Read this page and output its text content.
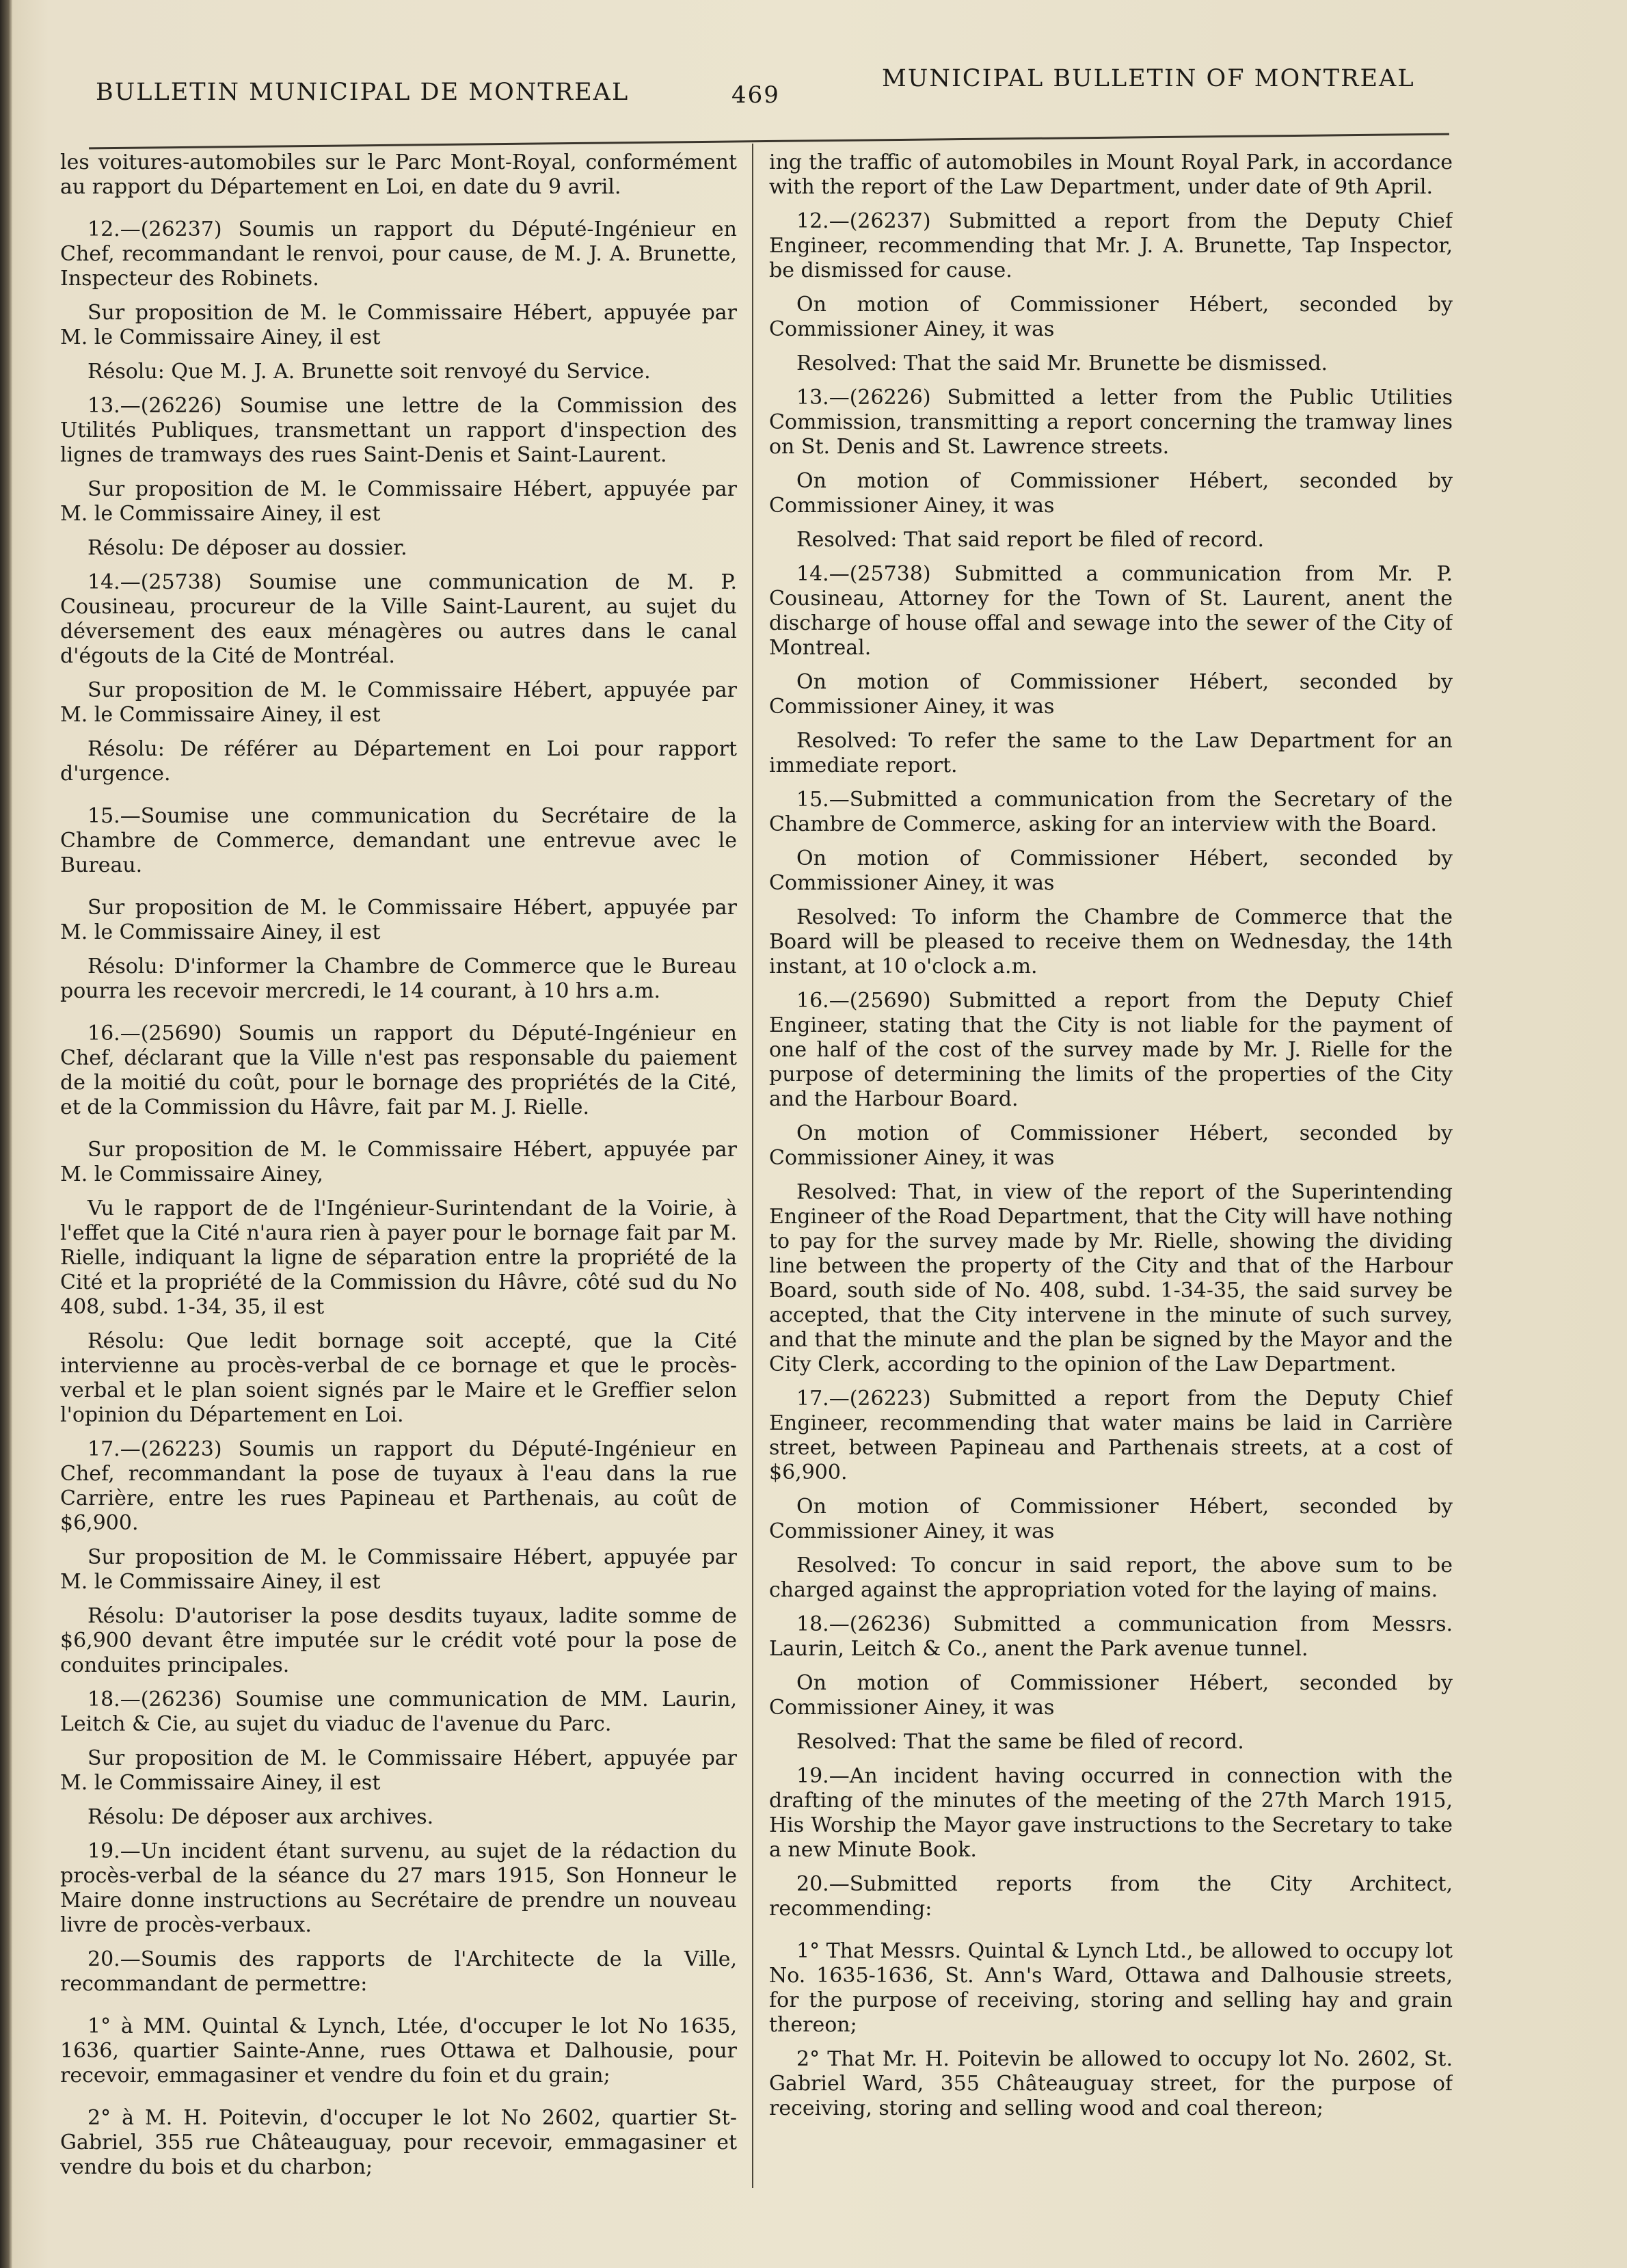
BULLETIN MUNICIPAL DE MONTREAL	469
MUNICIPAL BULLETIN OF MONTREAL

les voitures-automobiles sur le Parc Mont-Royal, conformément au rapport du Département en Loi, en date du 9 avril.

12.—(26237) Soumis un rapport du Député-Ingénieur en Chef, recommandant le renvoi, pour cause, de M. J. A. Brunette, Inspecteur des Robinets.

Sur proposition de M. le Commissaire Hébert, appuyée par M. le Commissaire Ainey, il est

Résolu: Que M. J. A. Brunette soit renvoyé du Service.

13.—(26226) Soumise une lettre de la Commission des Utilités Publiques, transmettant un rapport d'inspection des lignes de tramways des rues Saint-Denis et Saint-Laurent.

Sur proposition de M. le Commissaire Hébert, appuyée par M. le Commissaire Ainey, il est

Résolu: De déposer au dossier.

14.—(25738) Soumise une communication de M. P. Cousineau, procureur de la Ville Saint-Laurent, au sujet du déversement des eaux ménagères ou autres dans le canal d'égouts de la Cité de Montréal.

Sur proposition de M. le Commissaire Hébert, appuyée par M. le Commissaire Ainey, il est

Résolu: De référer au Département en Loi pour rapport d'urgence.

15.—Soumise une communication du Secrétaire de la Chambre de Commerce, demandant une entrevue avec le Bureau.

Sur proposition de M. le Commissaire Hébert, appuyée par M. le Commissaire Ainey, il est

Résolu: D'informer la Chambre de Commerce que le Bureau pourra les recevoir mercredi, le 14 courant, à 10 hrs a.m.

16.—(25690) Soumis un rapport du Député-Ingénieur en Chef, déclarant que la Ville n'est pas responsable du paiement de la moitié du coût, pour le bornage des propriétés de la Cité, et de la Commission du Hâvre, fait par M. J. Rielle.

Sur proposition de M. le Commissaire Hébert, appuyée par M. le Commissaire Ainey,

Vu le rapport de de l'Ingénieur-Surintendant de la Voirie, à l'effet que la Cité n'aura rien à payer pour le bornage fait par M. Rielle, indiquant la ligne de séparation entre la propriété de la Cité et la propriété de la Commission du Hâvre, côté sud du No 408, subd. 1-34, 35, il est

Résolu: Que ledit bornage soit accepté, que la Cité intervienne au procès-verbal de ce bornage et que le procès-verbal et le plan soient signés par le Maire et le Greffier selon l'opinion du Département en Loi.

17.—(26223) Soumis un rapport du Député-Ingénieur en Chef, recommandant la pose de tuyaux à l'eau dans la rue Carrière, entre les rues Papineau et Parthenais, au coût de $6,900.

Sur proposition de M. le Commissaire Hébert, appuyée par M. le Commissaire Ainey, il est

Résolu: D'autoriser la pose desdits tuyaux, ladite somme de $6,900 devant être imputée sur le crédit voté pour la pose de conduites principales.

18.—(26236) Soumise une communication de MM. Laurin, Leitch & Cie, au sujet du viaduc de l'avenue du Parc.

Sur proposition de M. le Commissaire Hébert, appuyée par M. le Commissaire Ainey, il est

Résolu: De déposer aux archives.

19.—Un incident étant survenu, au sujet de la rédaction du procès-verbal de la séance du 27 mars 1915, Son Honneur le Maire donne instructions au Secrétaire de prendre un nouveau livre de procès-verbaux.

20.—Soumis des rapports de l'Architecte de la Ville, recommandant de permettre:

1° à MM. Quintal & Lynch, Ltée, d'occuper le lot No 1635, 1636, quartier Sainte-Anne, rues Ottawa et Dalhousie, pour recevoir, emmagasiner et vendre du foin et du grain;

2° à M. H. Poitevin, d'occuper le lot No 2602, quartier St-Gabriel, 355 rue Châteauguay, pour recevoir, emmagasiner et vendre du bois et du charbon;

ing the traffic of automobiles in Mount Royal Park, in accordance with the report of the Law Department, under date of 9th April.

12.—(26237) Submitted a report from the Deputy Chief Engineer, recommending that Mr. J. A. Brunette, Tap Inspector, be dismissed for cause.

On motion of Commissioner Hébert, seconded by Commissioner Ainey, it was

Resolved: That the said Mr. Brunette be dismissed.

13.—(26226) Submitted a letter from the Public Utilities Commission, transmitting a report concerning the tramway lines on St. Denis and St. Lawrence streets.

On motion of Commissioner Hébert, seconded by Commissioner Ainey, it was

Resolved: That said report be filed of record.

14.—(25738) Submitted a communication from Mr. P. Cousineau, Attorney for the Town of St. Laurent, anent the discharge of house offal and sewage into the sewer of the City of Montreal.

On motion of Commissioner Hébert, seconded by Commissioner Ainey, it was

Resolved: To refer the same to the Law Department for an immediate report.

15.—Submitted a communication from the Secretary of the Chambre de Commerce, asking for an interview with the Board.

On motion of Commissioner Hébert, seconded by Commissioner Ainey, it was

Resolved: To inform the Chambre de Commerce that the Board will be pleased to receive them on Wednesday, the 14th instant, at 10 o'clock a.m.

16.—(25690) Submitted a report from the Deputy Chief Engineer, stating that the City is not liable for the payment of one half of the cost of the survey made by Mr. J. Rielle for the purpose of determining the limits of the properties of the City and the Harbour Board.

On motion of Commissioner Hébert, seconded by Commissioner Ainey, it was

Resolved: That, in view of the report of the Superintending Engineer of the Road Department, that the City will have nothing to pay for the survey made by Mr. Rielle, showing the dividing line between the property of the City and that of the Harbour Board, south side of No. 408, subd. 1-34-35, the said survey be accepted, that the City intervene in the minute of such survey, and that the minute and the plan be signed by the Mayor and the City Clerk, according to the opinion of the Law Department.

17.—(26223) Submitted a report from the Deputy Chief Engineer, recommending that water mains be laid in Carrière street, between Papineau and Parthenais streets, at a cost of $6,900.

On motion of Commissioner Hébert, seconded by Commissioner Ainey, it was

Resolved: To concur in said report, the above sum to be charged against the appropriation voted for the laying of mains.

18.—(26236) Submitted a communication from Messrs. Laurin, Leitch & Co., anent the Park avenue tunnel.

On motion of Commissioner Hébert, seconded by Commissioner Ainey, it was

Resolved: That the same be filed of record.

19.—An incident having occurred in connection with the drafting of the minutes of the meeting of the 27th March 1915, His Worship the Mayor gave instructions to the Secretary to take a new Minute Book.

20.—Submitted reports from the City Architect, recommending:

1° That Messrs. Quintal & Lynch Ltd., be allowed to occupy lot No. 1635-1636, St. Ann's Ward, Ottawa and Dalhousie streets, for the purpose of receiving, storing and selling hay and grain thereon;

2° That Mr. H. Poitevin be allowed to occupy lot No. 2602, St. Gabriel Ward, 355 Châteauguay street, for the purpose of receiving, storing and selling wood and coal thereon;
